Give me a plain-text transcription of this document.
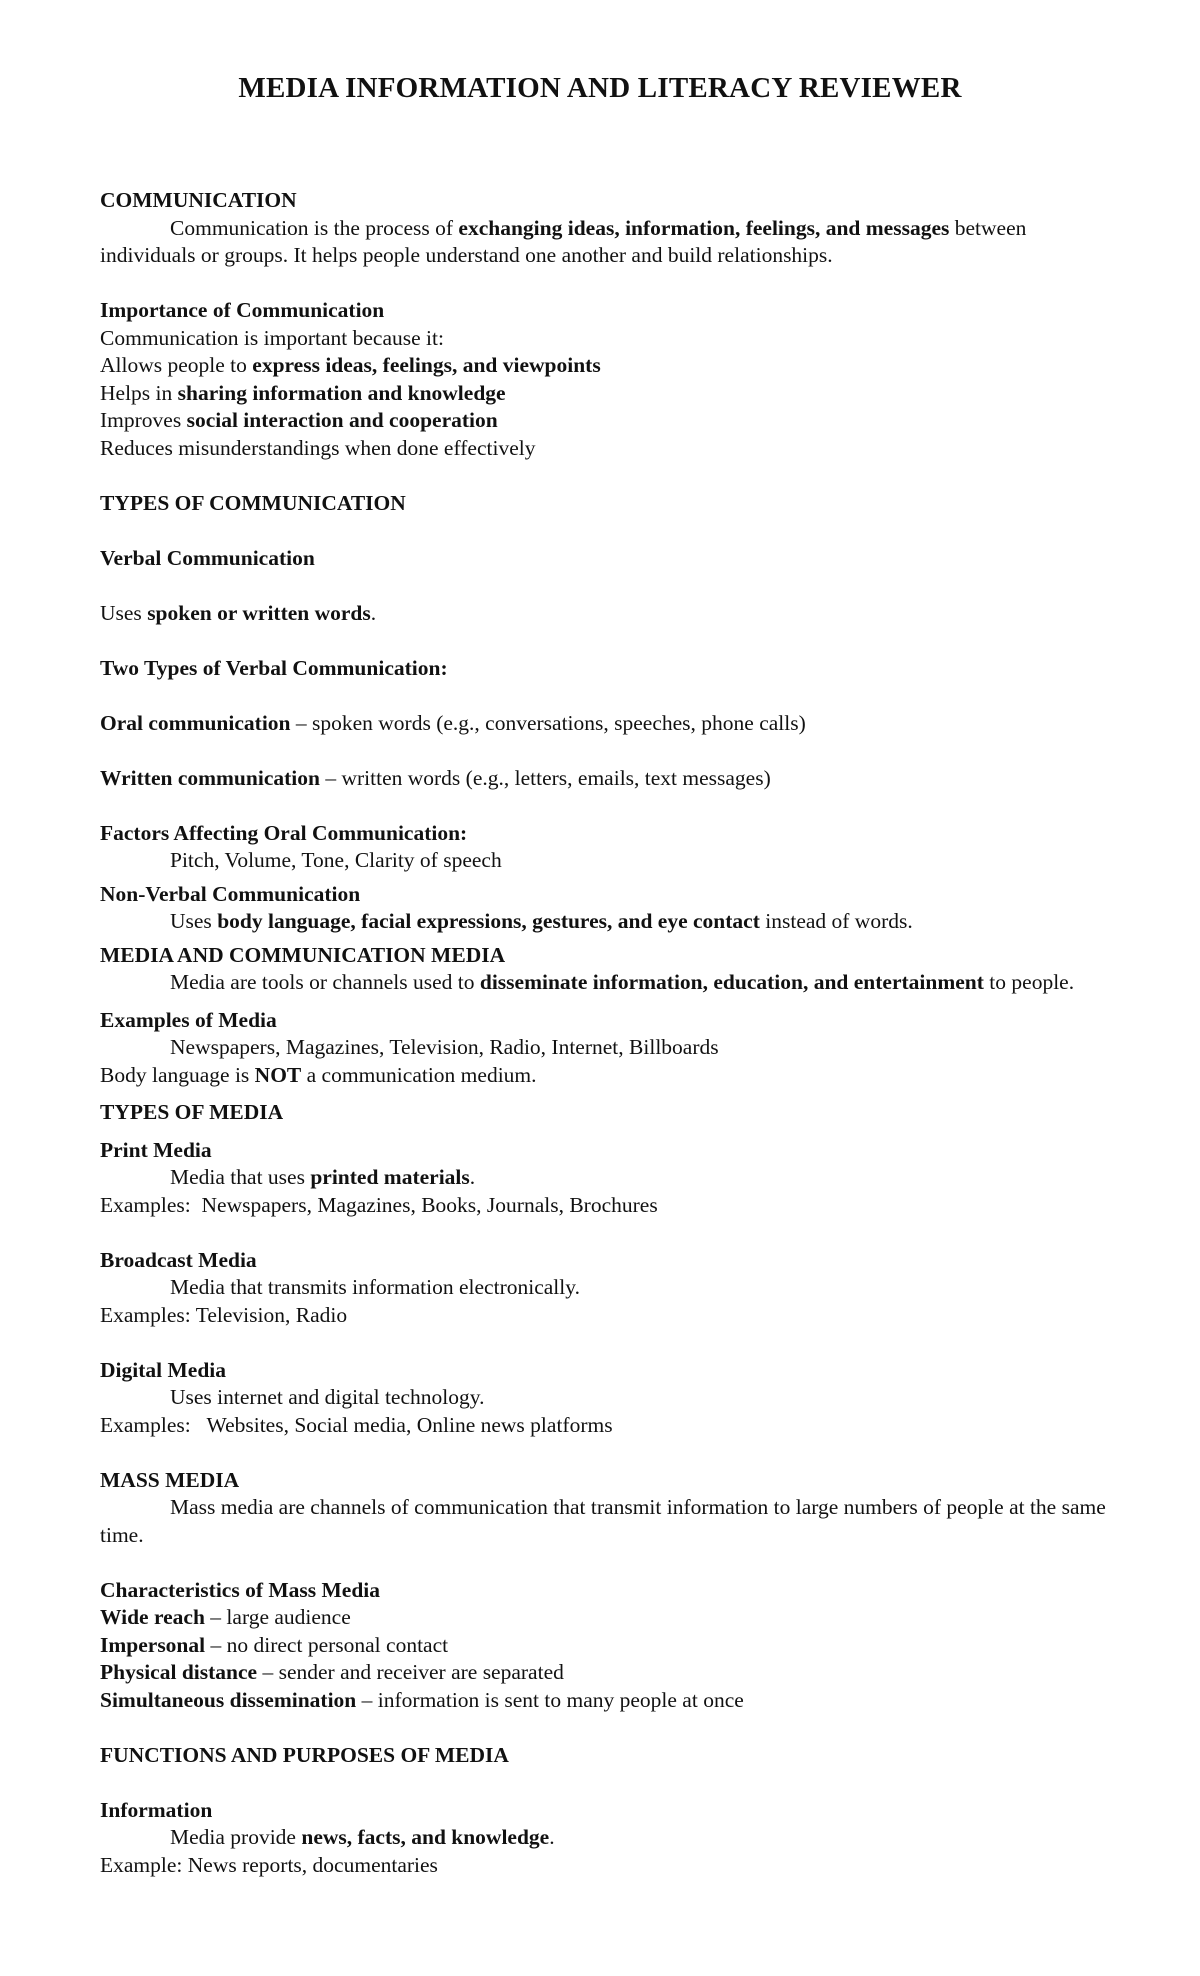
MEDIA INFORMATION AND LITERACY REVIEWER

COMMUNICATION

Communication is the process of exchanging ideas, information, feelings, and messages between individuals or groups. It helps people understand one another and build relationships.

Importance of Communication

Communication is important because it:

Allows people to express ideas, feelings, and viewpoints

Helps in sharing information and knowledge

Improves social interaction and cooperation

Reduces misunderstandings when done effectively

TYPES OF COMMUNICATION

Verbal Communication

Uses spoken or written words.

Two Types of Verbal Communication:

Oral communication – spoken words (e.g., conversations, speeches, phone calls)

Written communication – written words (e.g., letters, emails, text messages)

Factors Affecting Oral Communication:

Pitch, Volume, Tone, Clarity of speech

Non-Verbal Communication

Uses body language, facial expressions, gestures, and eye contact instead of words.

MEDIA AND COMMUNICATION MEDIA

Media are tools or channels used to disseminate information, education, and entertainment to people.

Examples of Media

Newspapers, Magazines, Television, Radio, Internet, Billboards

Body language is NOT a communication medium.

TYPES OF MEDIA

Print Media

Media that uses printed materials.

Examples:  Newspapers, Magazines, Books, Journals, Brochures

Broadcast Media

Media that transmits information electronically.

Examples: Television, Radio

Digital Media

Uses internet and digital technology.

Examples:   Websites, Social media, Online news platforms

MASS MEDIA

Mass media are channels of communication that transmit information to large numbers of people at the same time.

Characteristics of Mass Media

Wide reach – large audience

Impersonal – no direct personal contact

Physical distance – sender and receiver are separated

Simultaneous dissemination – information is sent to many people at once

FUNCTIONS AND PURPOSES OF MEDIA

Information

Media provide news, facts, and knowledge.

Example: News reports, documentaries
